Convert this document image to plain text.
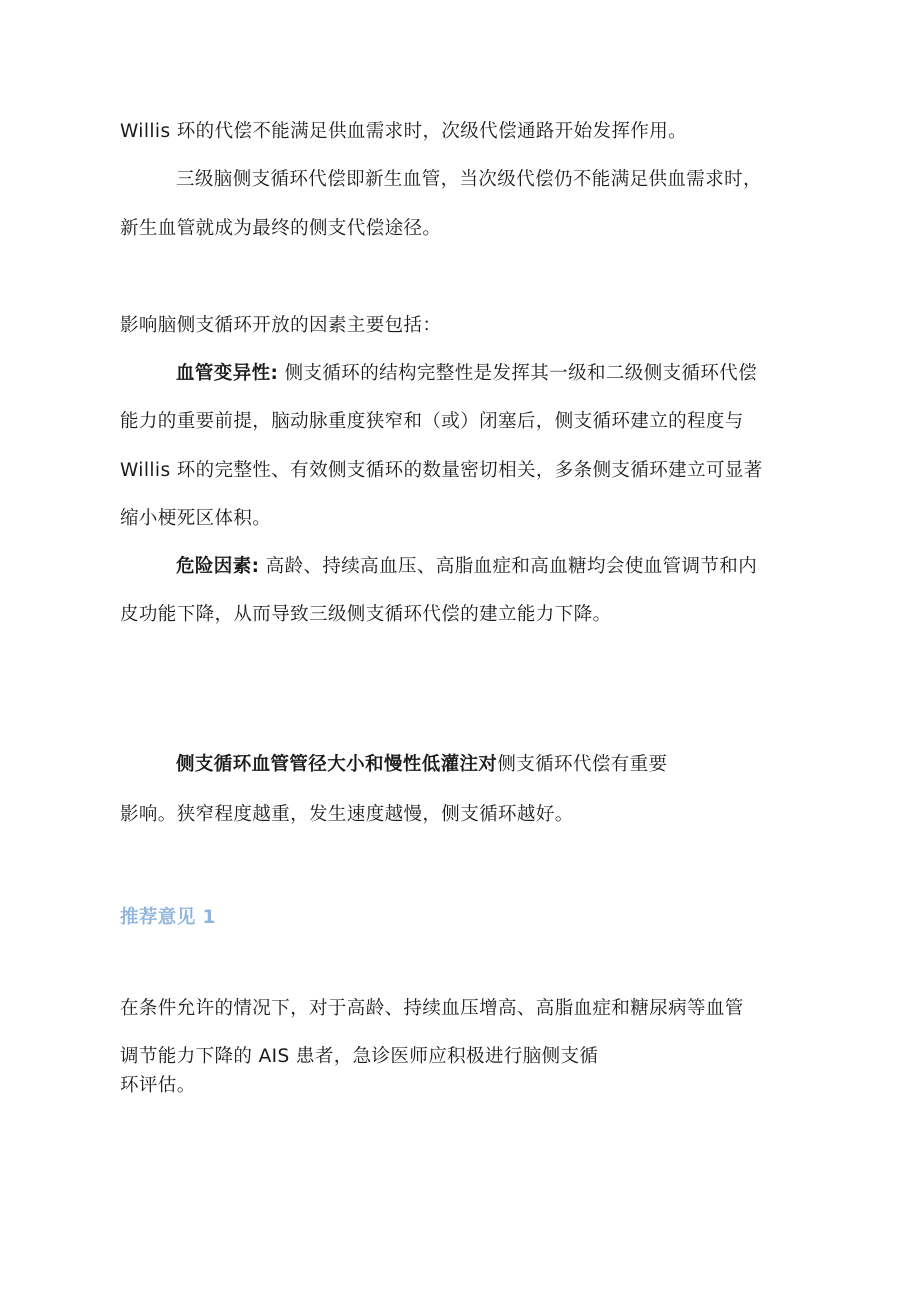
Willis 环的代偿不能满足供血需求时，次级代偿通路开始发挥作用。
三级脑侧支循环代偿即新生血管，当次级代偿仍不能满足供血需求时，
新生血管就成为最终的侧支代偿途径。
影响脑侧支循环开放的因素主要包括：
血管变异性: 侧支循环的结构完整性是发挥其一级和二级侧支循环代偿
能力的重要前提，脑动脉重度狭窄和（或）闭塞后，侧支循环建立的程度与
Willis 环的完整性、有效侧支循环的数量密切相关，多条侧支循环建立可显著
缩小梗死区体积。
危险因素: 高龄、持续高血压、高脂血症和高血糖均会使血管调节和内
皮功能下降，从而导致三级侧支循环代偿的建立能力下降。
侧支循环血管管径大小和慢性低灌注对侧支循环代偿有重要
影响。狭窄程度越重，发生速度越慢，侧支循环越好。
推荐意见 1
在条件允许的情况下，对于高龄、持续血压增高、高脂血症和糖尿病等血管
调节能力下降的 AIS 患者，急诊医师应积极进行脑侧支循
环评估。
